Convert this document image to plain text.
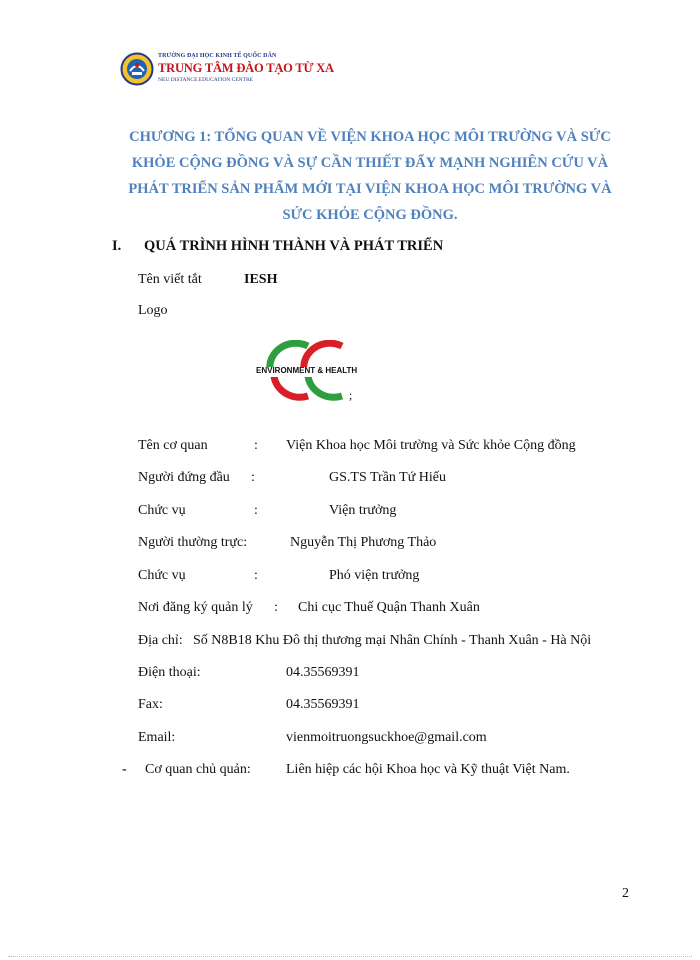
TRƯỜNG ĐẠI HỌC KINH TẾ QUỐC DÂN
TRUNG TÂM ĐÀO TẠO TỪ XA
NEU DISTANCE EDUCATION CENTRE
CHƯƠNG 1: TỔNG QUAN VỀ VIỆN KHOA HỌC MÔI TRƯỜNG VÀ SỨC
KHỎE CỘNG ĐỒNG VÀ SỰ CẦN THIẾT ĐẨY MẠNH NGHIÊN CỨU VÀ
PHÁT TRIỂN SẢN PHẨM MỚI TẠI VIỆN KHOA HỌC MÔI TRƯỜNG VÀ
SỨC KHỎE CỘNG ĐỒNG.
I. QUÁ TRÌNH HÌNH THÀNH VÀ PHÁT TRIỂN
Tên viết tắt	IESH
Logo
ENVIRONMENT & HEALTH
;
Tên cơ quan	: Viện Khoa học Môi trường và Sức khỏe Cộng đồng
Người đứng đầu :	GS.TS Trần Tứ Hiếu
Chức vụ	:	Viện trưởng
Người thường trực:	Nguyễn Thị Phương Thảo
Chức vụ	:	Phó viện trưởng
Nơi đăng ký quản lý : Chi cục Thuế Quận Thanh Xuân
Địa chỉ: Số N8B18 Khu Đô thị thương mại Nhân Chính - Thanh Xuân - Hà Nội
Điện thoại:	04.35569391
Fax:	04.35569391
Email:	vienmoitruongsuckhoe@gmail.com
- Cơ quan chủ quản:	Liên hiệp các hội Khoa học và Kỹ thuật Việt Nam.
2
